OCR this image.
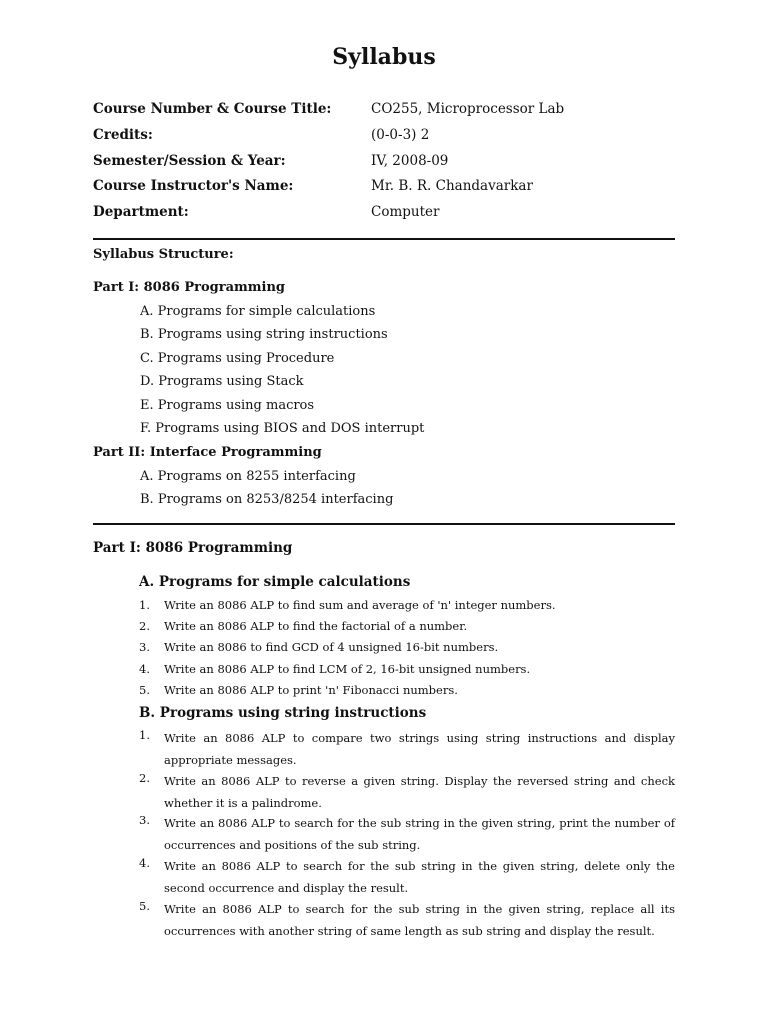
Syllabus
Course Number & Course Title:	CO255, Microprocessor Lab
Credits:	(0-0-3) 2
Semester/Session & Year:	IV, 2008-09
Course Instructor's Name:	Mr. B. R. Chandavarkar
Department:	Computer
Syllabus Structure:
Part I: 8086 Programming
A. Programs for simple calculations
B. Programs using string instructions
C. Programs using Procedure
D. Programs using Stack
E. Programs using macros
F. Programs using BIOS and DOS interrupt
Part II: Interface Programming
A. Programs on 8255 interfacing
B. Programs on 8253/8254 interfacing
Part I: 8086 Programming
A. Programs for simple calculations
1. Write an 8086 ALP to find sum and average of 'n' integer numbers.
2. Write an 8086 ALP to find the factorial of a number.
3. Write an 8086 to find GCD of 4 unsigned 16-bit numbers.
4. Write an 8086 ALP to find LCM of 2, 16-bit unsigned numbers.
5. Write an 8086 ALP to print 'n' Fibonacci numbers.
B. Programs using string instructions
1. Write an 8086 ALP to compare two strings using string instructions and display appropriate messages.
2. Write an 8086 ALP to reverse a given string. Display the reversed string and check whether it is a palindrome.
3. Write an 8086 ALP to search for the sub string in the given string, print the number of occurrences and positions of the sub string.
4. Write an 8086 ALP to search for the sub string in the given string, delete only the second occurrence and display the result.
5. Write an 8086 ALP to search for the sub string in the given string, replace all its occurrences with another string of same length as sub string and display the result.
